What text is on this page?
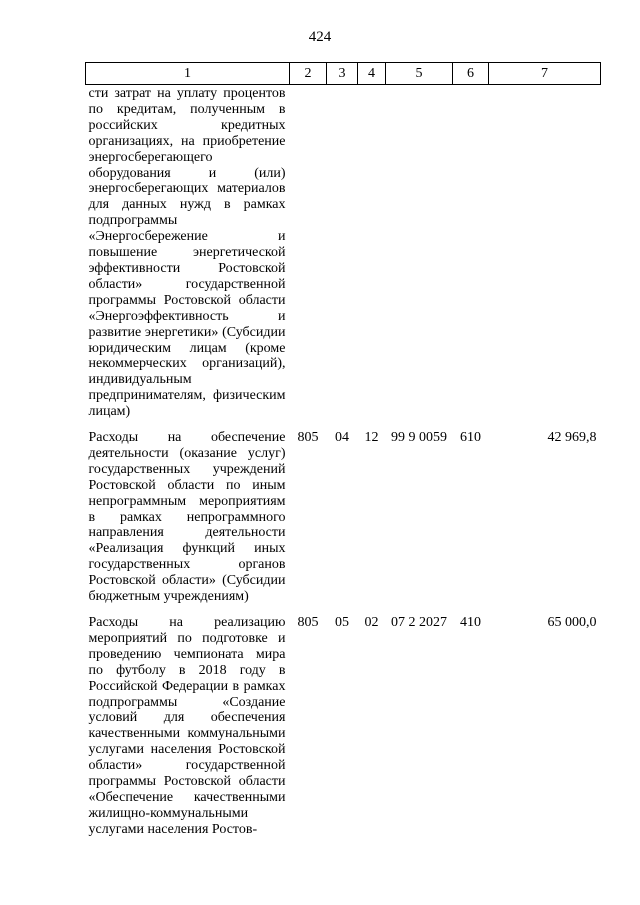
424
1	2	3	4	5	6	7
сти затрат на уплату процентов по кредитам, полученным в российских кредитных организациях, на приобретение энергосберегающего оборудования и (или) энергосберегающих материалов для данных нужд в рамках подпрограммы «Энергосбережение и повышение энергетической эффективности Ростовской области» государственной программы Ростовской области «Энергоэффективность и развитие энергетики» (Субсидии юридическим лицам (кроме некоммерческих организаций), индивидуальным предпринимателям, физическим лицам)						

Расходы на обеспечение деятельности (оказание услуг) государственных учреждений Ростовской области по иным непрограммным мероприятиям в рамках непрограммного направления деятельности «Реализация функций иных государственных органов Ростовской области» (Субсидии бюджетным учреждениям)	805	04	12	99 9 0059	610	42 969,8

Расходы на реализацию мероприятий по подготовке и проведению чемпионата мира по футболу в 2018 году в Российской Федерации в рамках подпрограммы «Создание условий для обеспечения качественными коммунальными услугами населения Ростовской области» государственной программы Ростовской области «Обеспечение качественными жилищно-коммунальными услугами населения Ростов-	805	05	02	07 2 2027	410	65 000,0
